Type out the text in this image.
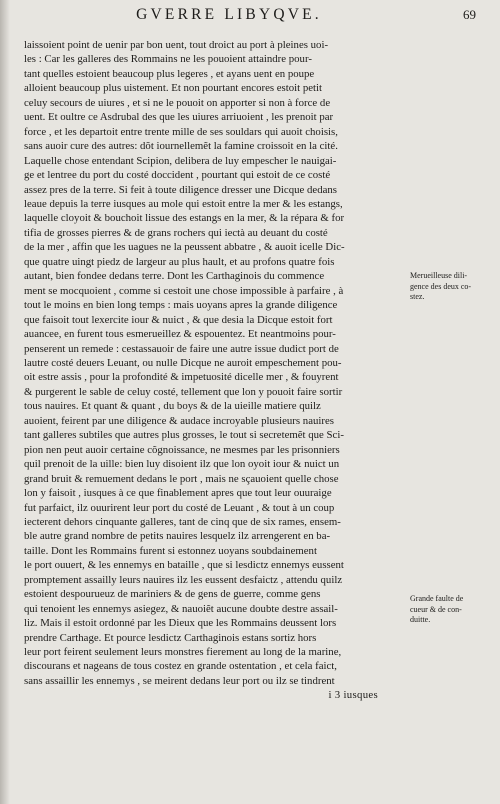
GVERRE LIBYQVE.	69
laissoient point de uenir par bon uent, tout droict au port à pleines uoi-
les : Car les galleres des Rommains ne les pouoient attaindre pour-
tant quelles estoient beaucoup plus legeres , et ayans uent en poupe
alloient beaucoup plus uistement. Et non pourtant encores estoit petit
celuy secours de uiures , et si ne le pouoit on apporter si non à force de
uent. Et oultre ce Asdrubal des que les uiures arriuoient , les prenoit par
force , et les departoit entre trente mille de ses souldars qui auoit choisis,
sans auoir cure des autres: dõt iournellemẽt la famine croissoit en la cité.
Laquelle chose entendant Scipion, delibera de luy empescher le nauigai-
ge et lentree du port du costé doccident , pourtant qui estoit de ce costé
assez pres de la terre. Si feit à toute diligence dresser une Dicque dedans
leaue depuis la terre iusques au mole qui estoit entre la mer & les estangs,
laquelle cloyoit & bouchoit lissue des estangs en la mer, & la répara & for
tifia de grosses pierres & de grans rochers qui iectà au deuant du costé
de la mer , affin que les uagues ne la peussent abbatre , & auoit icelle Dic-
que quatre uingt piedz de largeur au plus hault, et au profons quatre fois
autant, bien fondee dedans terre. Dont les Carthaginois du commence
ment se mocquoient , comme si cestoit une chose impossible à parfaire , à
tout le moins en bien long temps : mais uoyans apres la grande diligence
que faisoit tout lexercite iour & nuict , & que desia la Dicque estoit fort
auancee, en furent tous esmerueillez & espouentez. Et neantmoins pour-
penserent un remede : cestassauoir de faire une autre issue dudict port de
lautre costé deuers Leuant, ou nulle Dicque ne auroit empeschement pou-
oit estre assis , pour la profondité & impetuosité dicelle mer , & fouyrent
& purgerent le sable de celuy costé, tellement que lon y pouoit faire sortir
tous nauires. Et quant & quant , du boys & de la uieille matiere quilz
auoient, feirent par une diligence & audace incroyable plusieurs nauires
tant galleres subtiles que autres plus grosses, le tout si secretemẽt que Sci-
pion nen peut auoir certaine cõgnoissance, ne mesmes par les prisonniers
quil prenoit de la uille: bien luy disoient ilz que lon oyoit iour & nuict un
grand bruit & remuement dedans le port , mais ne sçauoient quelle chose
lon y faisoit , iusques à ce que finablement apres que tout leur ouuraige
fut parfaict, ilz ouurirent leur port du costé de Leuant , & tout à un coup
iecterent dehors cinquante galleres, tant de cinq que de six rames, ensem-
ble autre grand nombre de petits nauires lesquelz ilz arrengerent en ba-
taille. Dont les Rommains furent si estonnez uoyans soubdainement
le port ouuert, & les ennemys en bataille , que si lesdictz ennemys eussent
promptement assailly leurs nauires ilz les eussent desfaictz , attendu quilz
estoient despourueuz de mariniers & de gens de guerre, comme gens
qui tenoient les ennemys asiegez, & nauoiẽt aucune doubte destre assail-
liz. Mais il estoit ordonné par les Dieux que les Rommains deussent lors
prendre Carthage. Et pource lesdictz Carthaginois estans sortiz hors
leur port feirent seulement leurs monstres fierement au long de la marine,
discourans et nageans de tous costez en grande ostentation , et cela faict,
sans assaillir les ennemys , se meirent dedans leur port ou ilz se tindrent
i 3 iusques
Merueilleuse dili-
gence des deux co-
stez.
Grande faulte de
cueur & de con-
duitte.
